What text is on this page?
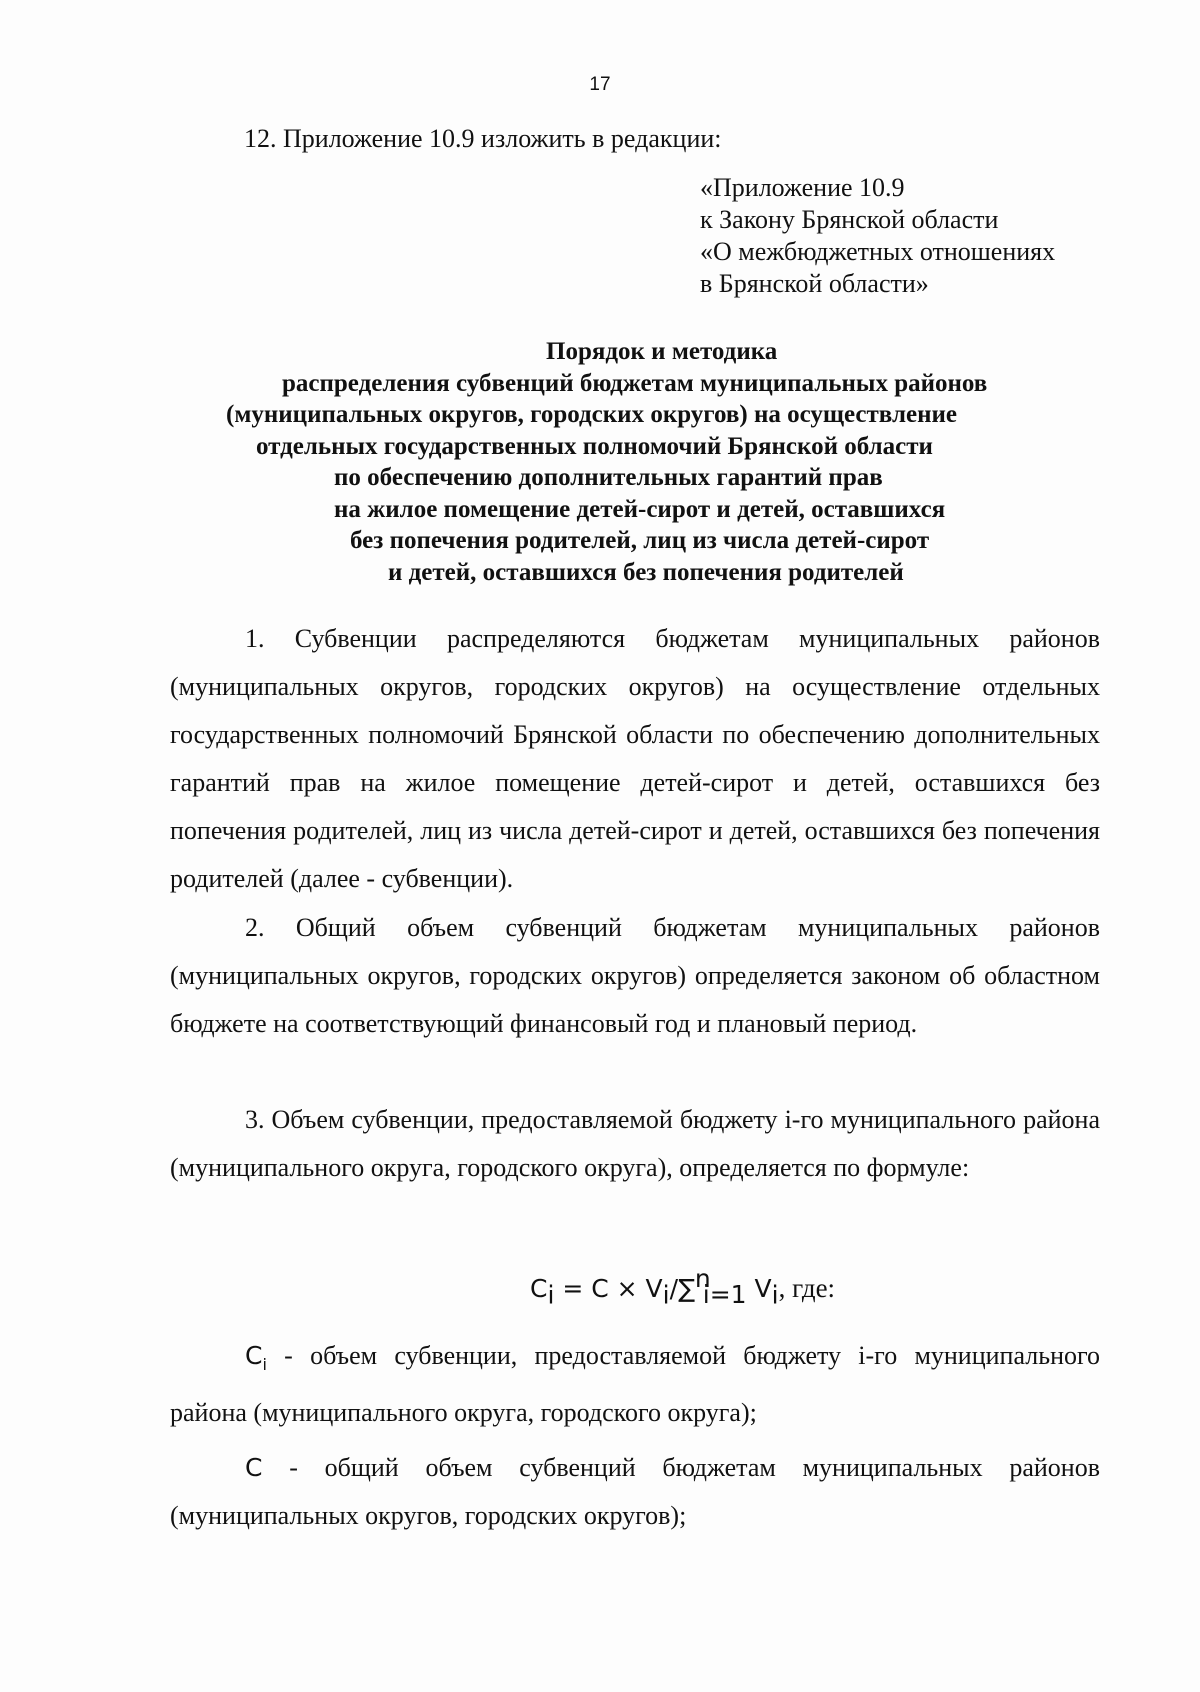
17
12. Приложение 10.9 изложить в редакции:
«Приложение 10.9
к Закону Брянской области
«О межбюджетных отношениях
в Брянской области»
Порядок и методика
распределения субвенций бюджетам муниципальных районов
(муниципальных округов, городских округов) на осуществление
отдельных государственных полномочий Брянской области
по обеспечению дополнительных гарантий прав
на жилое помещение детей-сирот и детей, оставшихся
без попечения родителей, лиц из числа детей-сирот
и детей, оставшихся без попечения родителей

1. Субвенции распределяются бюджетам муниципальных районов (муниципальных округов, городских округов) на осуществление отдельных государственных полномочий Брянской области по обеспечению дополнительных гарантий прав на жилое помещение детей-сирот и детей, оставшихся без попечения родителей, лиц из числа детей-сирот и детей, оставшихся без попечения родителей (далее - субвенции).

2. Общий объем субвенций бюджетам муниципальных районов (муниципальных округов, городских округов) определяется законом об областном бюджете на соответствующий финансовый год и плановый период.

3. Объем субвенции, предоставляемой бюджету i-го муниципального района (муниципального округа, городского округа), определяется по формуле:

$C_i = C \times V_i/\sum^n_{i=1}$ $V_i$, где:

$C_i$ - объем субвенции, предоставляемой бюджету i-го муниципального района (муниципального округа, городского округа);

C - общий объем субвенций бюджетам муниципальных районов (муниципальных округов, городских округов);
